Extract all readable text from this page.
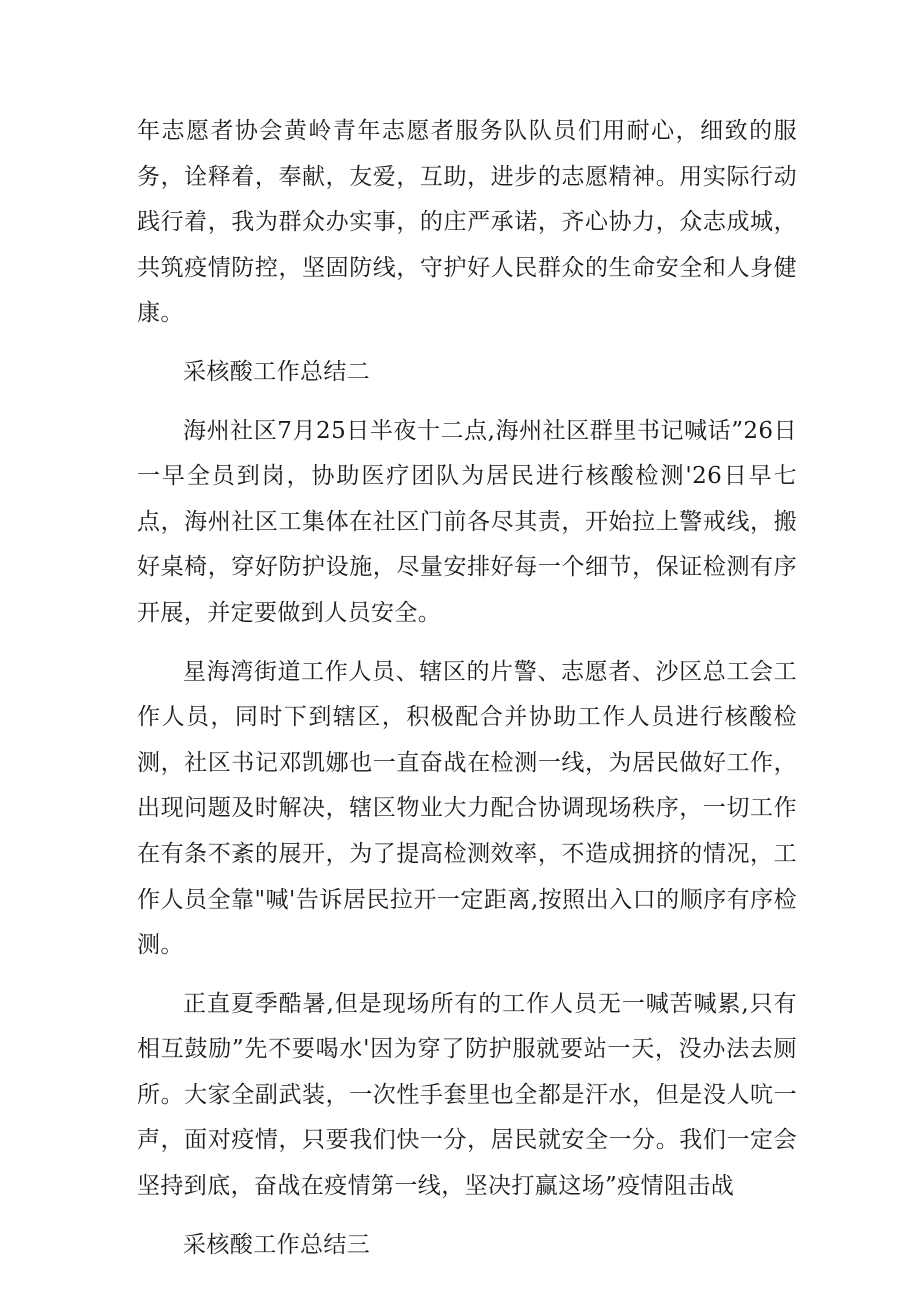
年志愿者协会黄岭青年志愿者服务队队员们用耐心，细致的服务，诠释着，奉献，友爱，互助，进步的志愿精神。用实际行动践行着，我为群众办实事，的庄严承诺，齐心协力，众志成城，共筑疫情防控，坚固防线，守护好人民群众的生命安全和人身健康。

采核酸工作总结二

海州社区7月25日半夜十二点,海州社区群里书记喊话”26日一早全员到岗，协助医疗团队为居民进行核酸检测'26日早七点，海州社区工集体在社区门前各尽其责，开始拉上警戒线，搬好桌椅，穿好防护设施，尽量安排好每一个细节，保证检测有序开展，并定要做到人员安全。

星海湾街道工作人员、辖区的片警、志愿者、沙区总工会工作人员，同时下到辖区，积极配合并协助工作人员进行核酸检测，社区书记邓凯娜也一直奋战在检测一线，为居民做好工作，出现问题及时解决，辖区物业大力配合协调现场秩序，一切工作在有条不紊的展开，为了提高检测效率，不造成拥挤的情况，工作人员全靠"喊'告诉居民拉开一定距离,按照出入口的顺序有序检测。

正直夏季酷暑,但是现场所有的工作人员无一喊苦喊累,只有相互鼓励”先不要喝水'因为穿了防护服就要站一天，没办法去厕所。大家全副武装，一次性手套里也全都是汗水，但是没人吭一声，面对疫情，只要我们快一分，居民就安全一分。我们一定会坚持到底，奋战在疫情第一线，坚决打赢这场”疫情阻击战

采核酸工作总结三
